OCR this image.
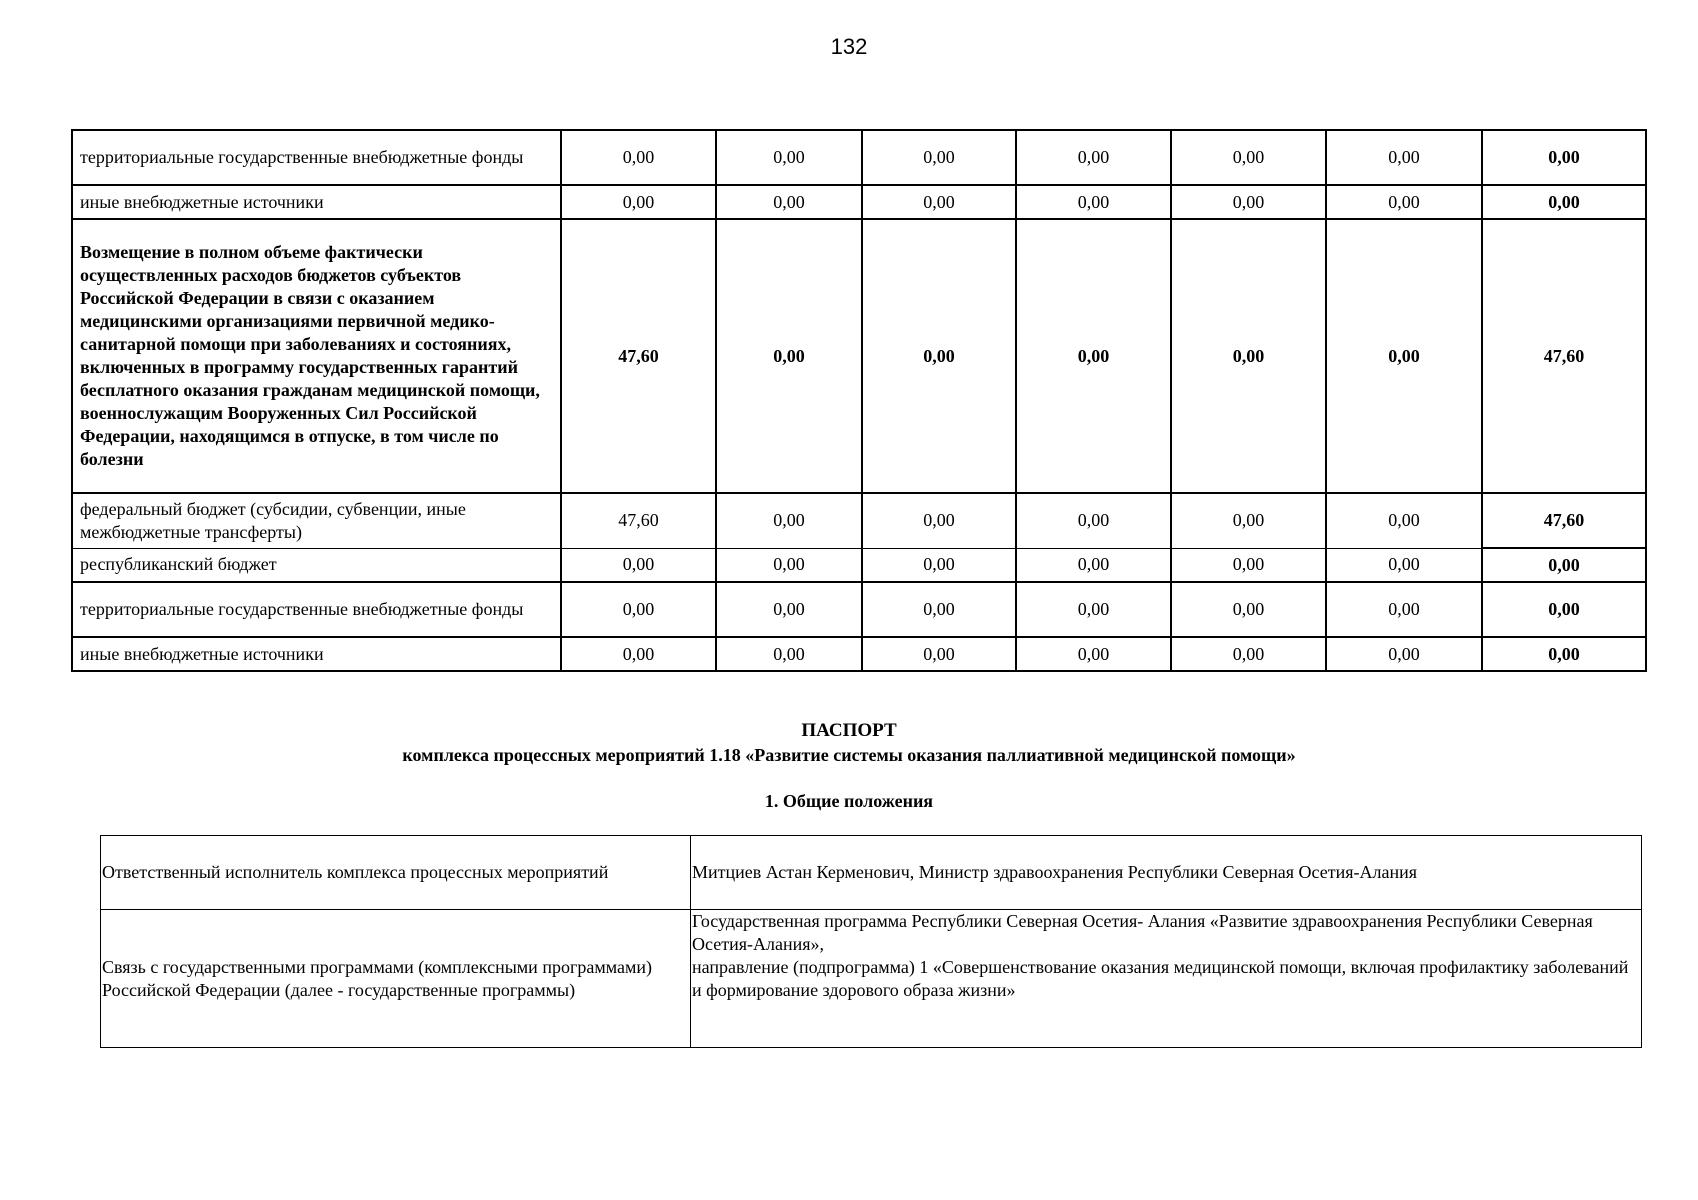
132
территориальные государственные внебюджетные фонды	0,00	0,00	0,00	0,00	0,00	0,00	0,00
иные внебюджетные источники	0,00	0,00	0,00	0,00	0,00	0,00	0,00
Возмещение в полном объеме фактически осуществленных расходов бюджетов субъектов Российской Федерации в связи с оказанием медицинскими организациями первичной медико-санитарной помощи при заболеваниях и состояниях, включенных в программу государственных гарантий бесплатного оказания гражданам медицинской помощи, военнослужащим Вооруженных Сил Российской Федерации, находящимся в отпуске, в том числе по болезни	47,60	0,00	0,00	0,00	0,00	0,00	47,60
федеральный бюджет (субсидии, субвенции, иные межбюджетные трансферты)	47,60	0,00	0,00	0,00	0,00	0,00	47,60
республиканский бюджет	0,00	0,00	0,00	0,00	0,00	0,00	0,00
территориальные государственные внебюджетные фонды	0,00	0,00	0,00	0,00	0,00	0,00	0,00
иные внебюджетные источники	0,00	0,00	0,00	0,00	0,00	0,00	0,00
ПАСПОРТ
комплекса процессных мероприятий 1.18 «Развитие системы оказания паллиативной медицинской помощи»
1. Общие положения
Ответственный исполнитель комплекса процессных мероприятий	Митциев Астан Керменович, Министр здравоохранения Республики Северная Осетия-Алания

Связь с государственными программами (комплексными программами) Российской Федерации (далее - государственные программы)	Государственная программа Республики Северная Осетия- Алания «Развитие здравоохранения Республики Северная Осетия-Алания»,
направление (подпрограмма) 1 «Совершенствование оказания медицинской помощи, включая профилактику заболеваний и формирование здорового образа жизни»
